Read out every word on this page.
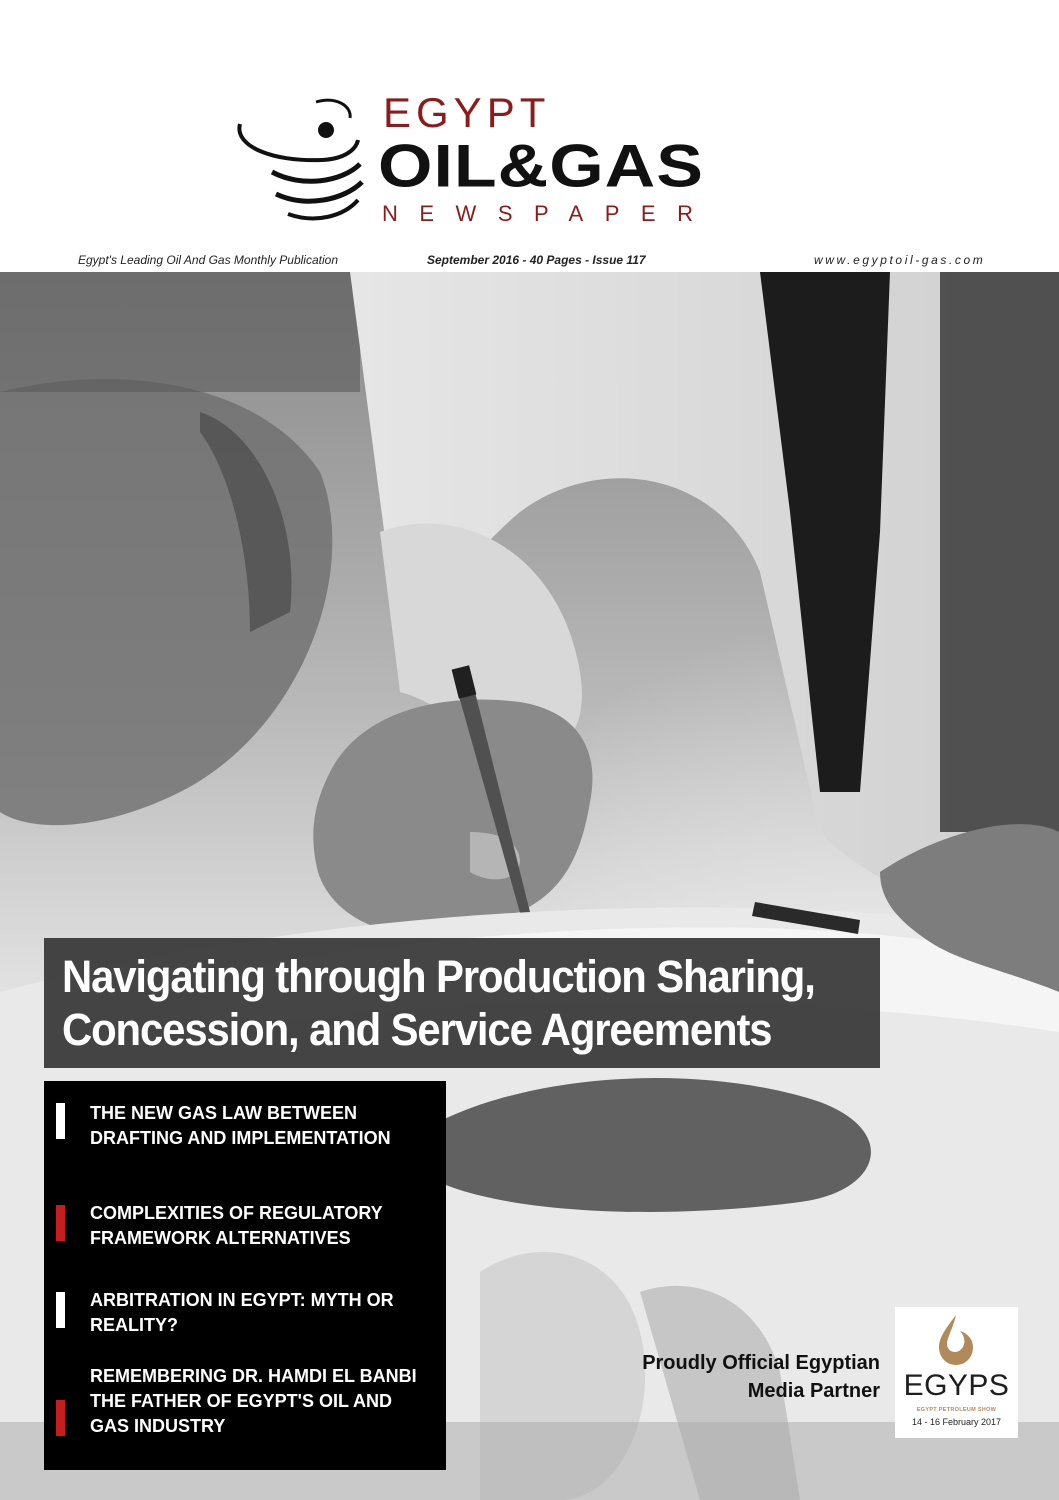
EGYPT
OIL&GAS
NEWSPAPER
Egypt's Leading Oil And Gas Monthly Publication	September 2016 - 40 Pages - Issue 117	www.egyptoil-gas.com
Navigating through Production Sharing,
Concession, and Service Agreements
THE NEW GAS LAW BETWEEN
DRAFTING AND IMPLEMENTATION
COMPLEXITIES OF REGULATORY
FRAMEWORK ALTERNATIVES
ARBITRATION IN EGYPT: MYTH OR
REALITY?
REMEMBERING DR. HAMDI EL BANBI
THE FATHER OF EGYPT'S OIL AND
GAS INDUSTRY
Proudly Official Egyptian
Media Partner EGYPS
EGYPT PETROLEUM SHOW
14 - 16 February 2017
